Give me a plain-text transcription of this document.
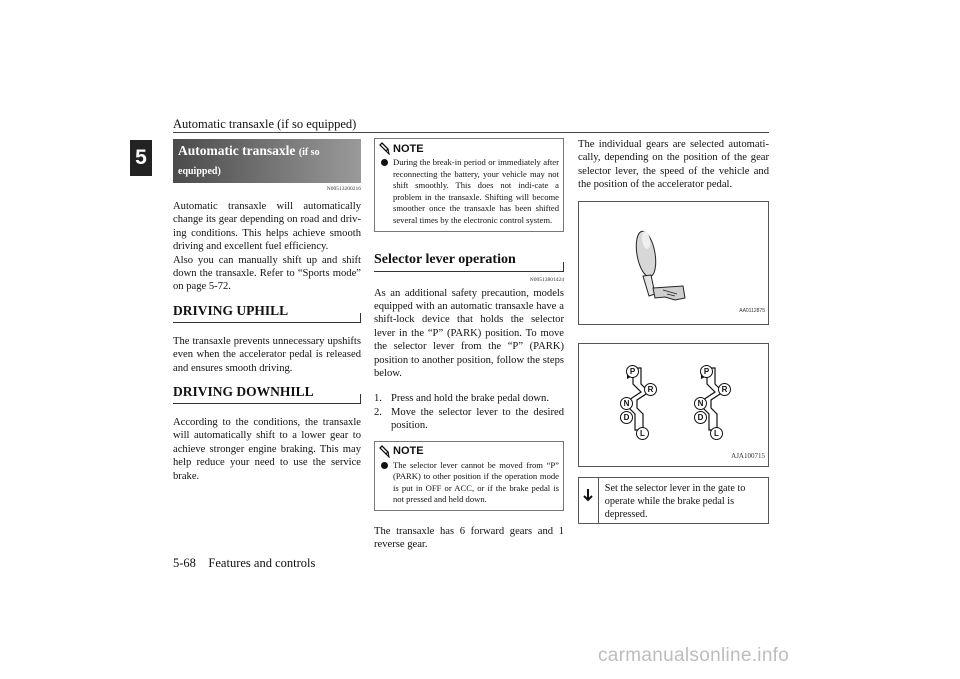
Automatic transaxle (if so equipped)
5	Automatic transaxle (if so
equipped)
N00513200216

Automatic transaxle will automatically change its gear depending on road and driv-ing conditions. This helps achieve smooth driving and excellent fuel efficiency.

Also you can manually shift up and shift down the transaxle. Refer to “Sports mode” on page 5-72.

DRIVING UPHILL

The transaxle prevents unnecessary upshifts even when the accelerator pedal is released and ensures smooth driving.

DRIVING DOWNHILL

According to the conditions, the transaxle will automatically shift to a lower gear to achieve stronger engine braking. This may help reduce your need to use the service brake.

NOTE
During the break-in period or immediately after reconnecting the battery, your vehicle may not shift smoothly. This does not indi-cate a problem in the transaxle. Shifting will become smoother once the transaxle has been shifted several times by the electronic control system.
Selector lever operation
N00513801424

As an additional safety precaution, models equipped with an automatic transaxle have a shift-lock device that holds the selector lever in the “P” (PARK) position. To move the selector lever from the “P” (PARK) position to another position, follow the steps below.

1. Press and hold the brake pedal down.
2. Move the selector lever to the desired position.
NOTE
The selector lever cannot be moved from “P” (PARK) to other position if the operation mode is put in OFF or ACC, or if the brake pedal is not pressed and held down.

The transaxle has 6 forward gears and 1 reverse gear.

The individual gears are selected automati-cally, depending on the position of the gear selector lever, the speed of the vehicle and the position of the accelerator pedal.

AA0112875
AJA100715
P
R
N
D
L
P
R
N
D
L
Set the selector lever in the gate to operate while the brake pedal is depressed.
5-68 Features and controls
carmanualsonline.info
